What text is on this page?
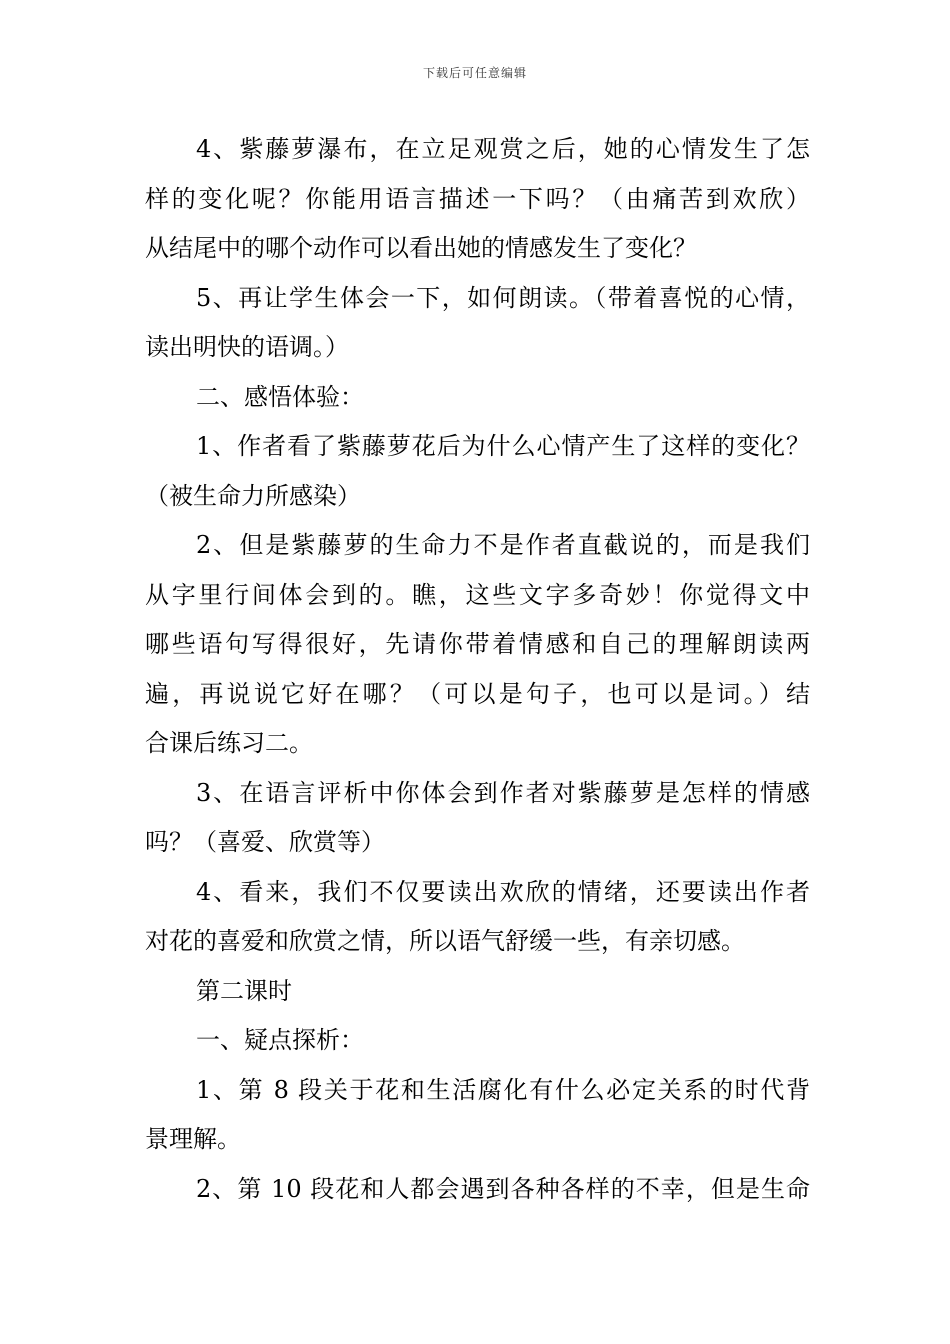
下载后可任意编辑
4、紫藤萝瀑布，在立足观赏之后，她的心情发生了怎
样的变化呢？你能用语言描述一下吗？（由痛苦到欢欣）
从结尾中的哪个动作可以看出她的情感发生了变化？
5、再让学生体会一下，如何朗读。（带着喜悦的心情，
读出明快的语调。）
二、感悟体验：
1、作者看了紫藤萝花后为什么心情产生了这样的变化？
（被生命力所感染）
2、但是紫藤萝的生命力不是作者直截说的，而是我们
从字里行间体会到的。瞧，这些文字多奇妙！你觉得文中
哪些语句写得很好，先请你带着情感和自己的理解朗读两
遍，再说说它好在哪？（可以是句子，也可以是词。）结
合课后练习二。
3、在语言评析中你体会到作者对紫藤萝是怎样的情感
吗？（喜爱、欣赏等）
4、看来，我们不仅要读出欢欣的情绪，还要读出作者
对花的喜爱和欣赏之情，所以语气舒缓一些，有亲切感。
第二课时
一、疑点探析：
1、第 8 段关于花和生活腐化有什么必定关系的时代背
景理解。
2、第 10 段花和人都会遇到各种各样的不幸，但是生命
